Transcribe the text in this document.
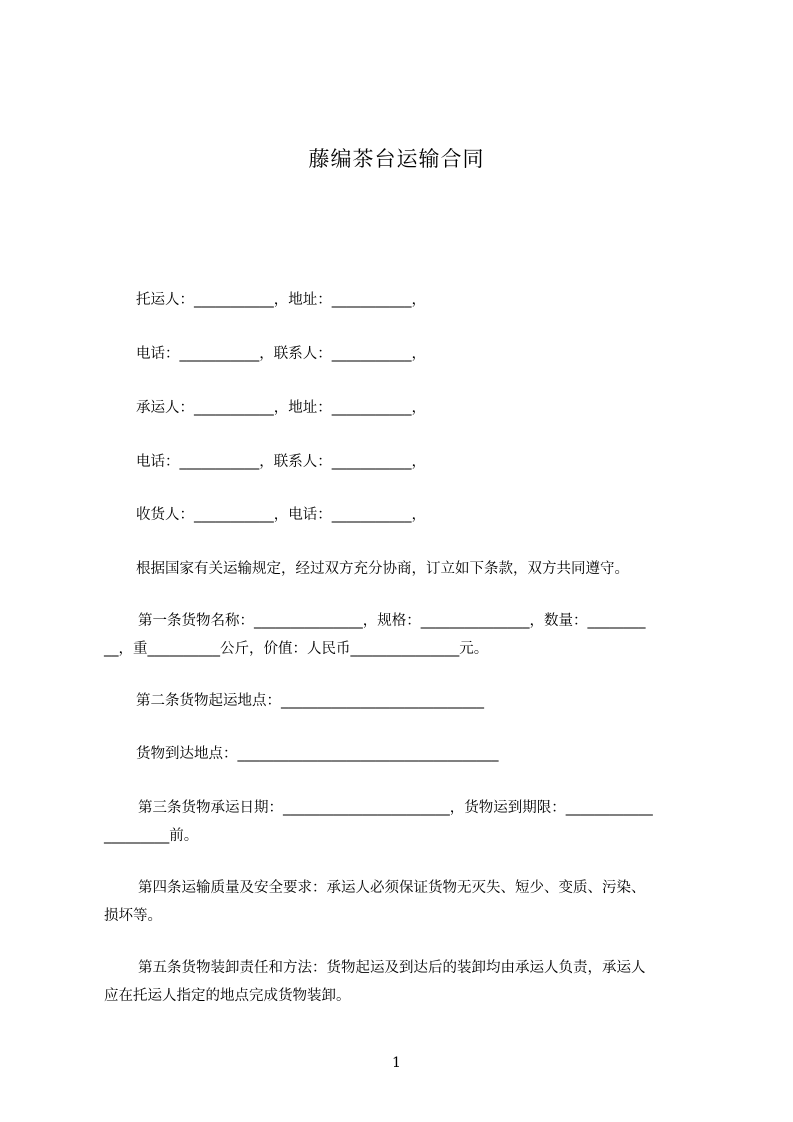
藤编茶台运输合同
托运人：___________，地址：___________，
电话：___________，联系人：___________，
承运人：___________，地址：___________，
电话：___________，联系人：___________，
收货人：___________，电话：___________，
根据国家有关运输规定，经过双方充分协商，订立如下条款，双方共同遵守。
第一条货物名称：_______________，规格：_______________，数量：________
__，重__________公斤，价值：人民币_______________元。
第二条货物起运地点：____________________________
货物到达地点：____________________________________
第三条货物承运日期：_______________________，货物运到期限：____________
_________前。
第四条运输质量及安全要求：承运人必须保证货物无灭失、短少、变质、污染、
损坏等。
第五条货物装卸责任和方法：货物起运及到达后的装卸均由承运人负责，承运人
应在托运人指定的地点完成货物装卸。
1
